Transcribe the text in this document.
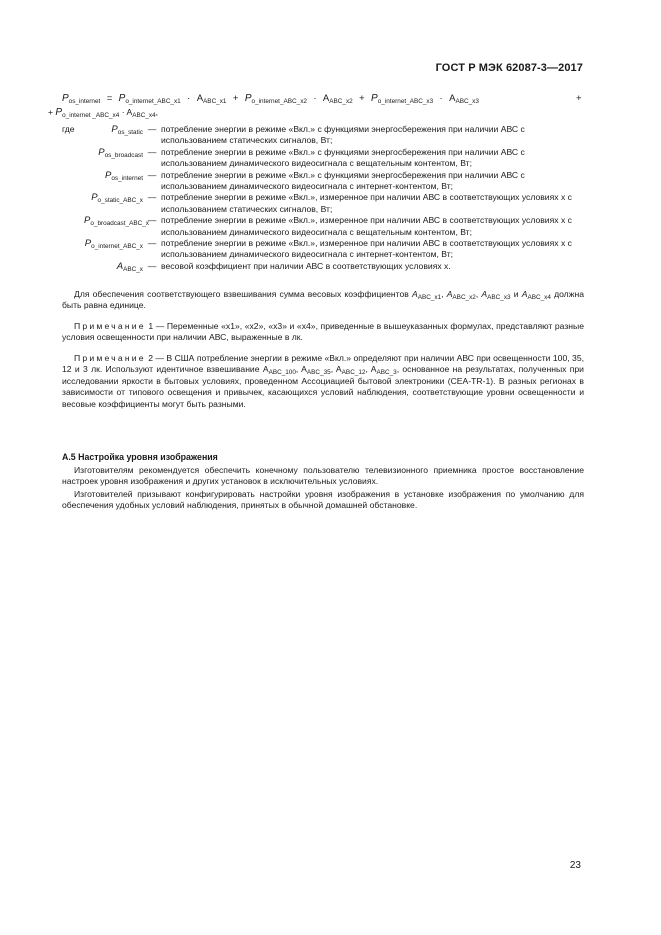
ГОСТ Р МЭК 62087-3—2017
$P_{os\_internet} = P_{o\_internet\_ABC\_x1} \cdot A_{ABC\_x1} + P_{o\_internet\_ABC\_x2} \cdot A_{ABC\_x2} + P_{o\_internet\_ABC\_x3} \cdot A_{ABC\_x3}$	+
+ $P_{o\_internet \_ABC\_x4} \cdot A_{ABC\_x4}$,
где	$P_{os\_static}$ — потребление энергии в режиме «Вкл.» с функциями энергосбережения при наличии АВС с использованием статических сигналов, Вт;
$P_{os\_broadcast}$ — потребление энергии в режиме «Вкл.» с функциями энергосбережения при наличии АВС с использованием динамического видеосигнала с вещательным контентом, Вт;
$P_{os\_internet}$ — потребление энергии в режиме «Вкл.» с функциями энергосбережения при наличии АВС с использованием динамического видеосигнала с интернет-контентом, Вт;
$P_{o\_static\_ABC\_x}$ — потребление энергии в режиме «Вкл.», измеренное при наличии АВС в соответствующих условиях x с использованием статических сигналов, Вт;
$P_{o\_broadcast\_ABC\_x}$
— потребление энергии в режиме «Вкл.», измеренное при наличии АВС в соответствующих условиях x с использованием динамического видеосигнала с вещательным контентом, Вт;
$P_{o\_internet\_ABC\_x}$ — потребление энергии в режиме «Вкл.», измеренное при наличии АВС в соответствующих условиях x с использованием динамического видеосигнала с интернет-контентом, Вт;
$A_{ABC\_x}$ — весовой коэффициент при наличии АВС в соответствующих условиях x.
Для обеспечения соответствующего взвешивания сумма весовых коэффициентов $A_{ABC\_x1}$, $A_{ABC\_x2}$, $A_{ABC\_x3}$ и $A_{ABC\_x4}$ должна быть равна единице.
Примечание 1 — Переменные «x1», «x2», «x3» и «x4», приведенные в вышеуказанных формулах, представляют разные условия освещенности при наличии АВС, выраженные в лк.
Примечание 2 — В США потребление энергии в режиме «Вкл.» определяют при наличии АВС при освещенности 100, 35, 12 и 3 лк. Используют идентичное взвешивание $A_{ABC\_100}$, $A_{ABC\_35}$, $A_{ABC\_12}$, $A_{ABC\_3}$, основанное на результатах, полученных при исследовании яркости в бытовых условиях, проведенном Ассоциацией бытовой электроники (CEA-TR-1). В разных регионах в зависимости от типового освещения и привычек, касающихся условий наблюдения, соответствующие уровни освещенности и весовые коэффициенты могут быть разными.
А.5 Настройка уровня изображения
Изготовителям рекомендуется обеспечить конечному пользователю телевизионного приемника простое восстановление настроек уровня изображения и других установок в исключительных условиях.
Изготовителей призывают конфигурировать настройки уровня изображения в установке изображения по умолчанию для обеспечения удобных условий наблюдения, принятых в обычной домашней обстановке.
23
